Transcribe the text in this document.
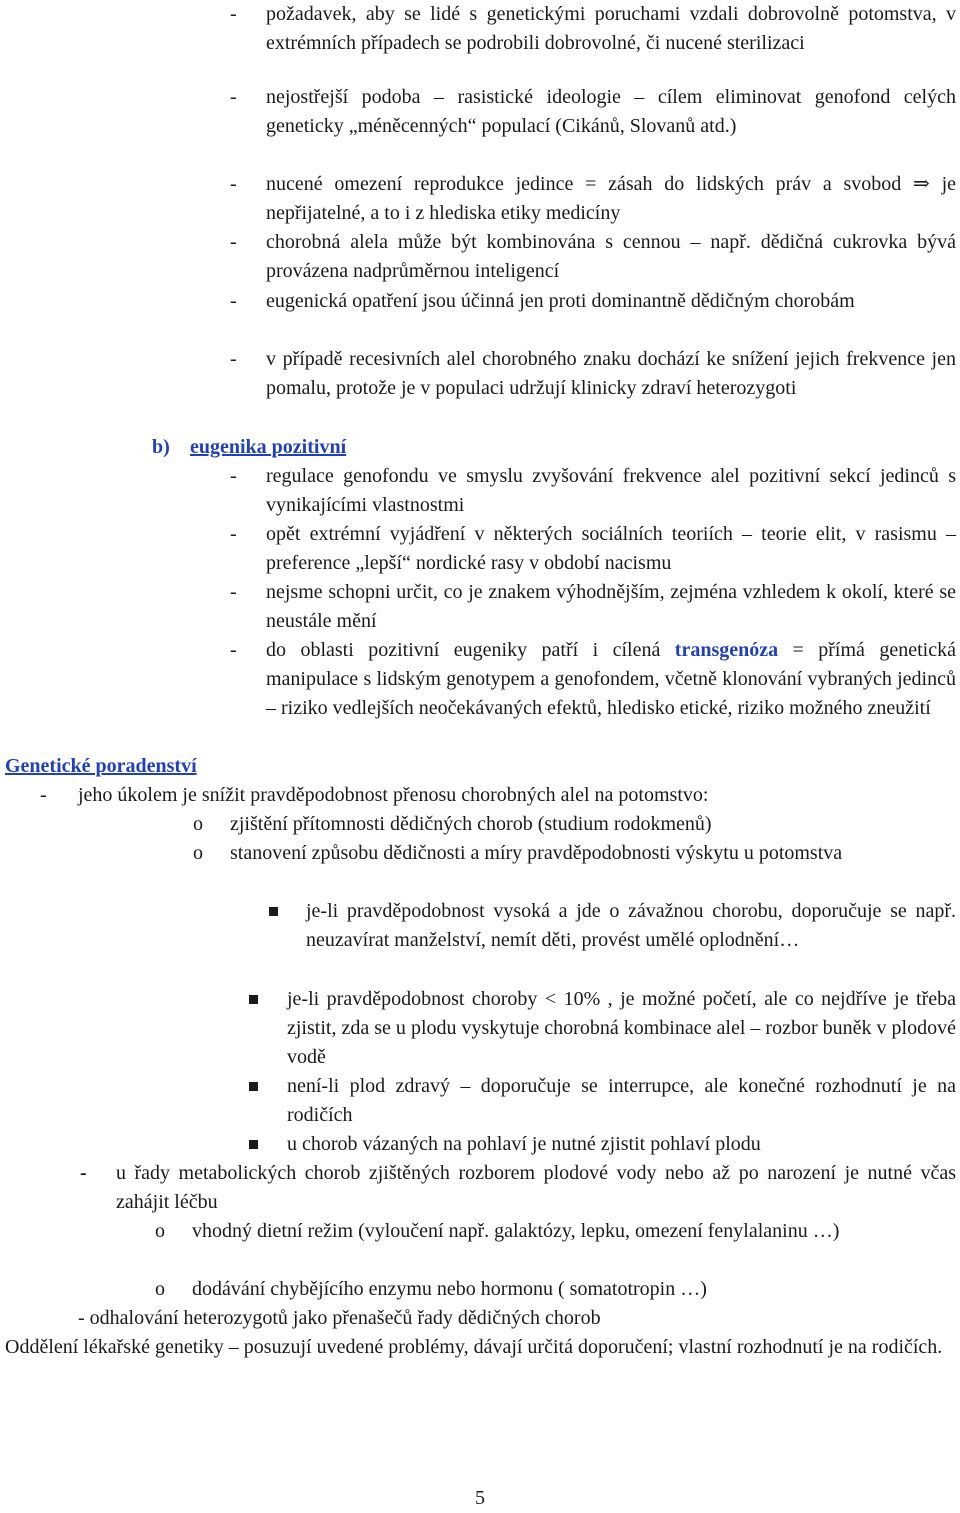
- požadavek, aby se lidé s genetickými poruchami vzdali dobrovolně potomstva, v extrémních případech se podrobili dobrovolné, či nucené sterilizaci
- nejostřejší podoba – rasistické ideologie – cílem eliminovat genofond celých geneticky „méněcenných“ populací (Cikánů, Slovanů atd.)
- nucené omezení reprodukce jedince = zásah do lidských práv a svobod ⇒ je nepřijatelné, a to i z hlediska etiky medicíny
- chorobná alela může být kombinována s cennou – např. dědičná cukrovka bývá provázena nadprůměrnou inteligencí
- eugenická opatření jsou účinná jen proti dominantně dědičným chorobám
- v případě recesivních alel chorobného znaku dochází ke snížení jejich frekvence jen pomalu, protože je v populaci udržují klinicky zdraví heterozygoti
b) eugenika pozitivní
- regulace genofondu ve smyslu zvyšování frekvence alel pozitivní sekcí jedinců s vynikajícími vlastnostmi
- opět extrémní vyjádření v některých sociálních teoriích – teorie elit, v rasismu – preference „lepší“ nordické rasy v období nacismu
- nejsme schopni určit, co je znakem výhodnějším, zejména vzhledem k okolí, které se neustále mění
- do oblasti pozitivní eugeniky patří i cílená transgenóza = přímá genetická manipulace s lidským genotypem a genofondem, včetně klonování vybraných jedinců – riziko vedlejších neočekávaných efektů, hledisko etické, riziko možného zneužití
Genetické poradenství
- jeho úkolem je snížit pravděpodobnost přenosu chorobných alel na potomstvo:
o zjištění přítomnosti dědičných chorob (studium rodokmenů)
o stanovení způsobu dědičnosti a míry pravděpodobnosti výskytu u potomstva
je-li pravděpodobnost vysoká a jde o závažnou chorobu, doporučuje se např. neuzavírat manželství, nemít děti, provést umělé oplodnění…
je-li pravděpodobnost choroby < 10% , je možné početí, ale co nejdříve je třeba zjistit, zda se u plodu vyskytuje chorobná kombinace alel – rozbor buněk v plodové vodě
není-li plod zdravý – doporučuje se interrupce, ale konečné rozhodnutí je na rodičích
u chorob vázaných na pohlaví je nutné zjistit pohlaví plodu
- u řady metabolických chorob zjištěných rozborem plodové vody nebo až po narození je nutné včas zahájit léčbu
o vhodný dietní režim (vyloučení např. galaktózy, lepku, omezení fenylalaninu …)
o dodávání chybějícího enzymu nebo hormonu ( somatotropin …)
- odhalování heterozygotů jako přenašečů řady dědičných chorob
Oddělení lékařské genetiky – posuzují uvedené problémy, dávají určitá doporučení; vlastní rozhodnutí je na rodičích.
5
